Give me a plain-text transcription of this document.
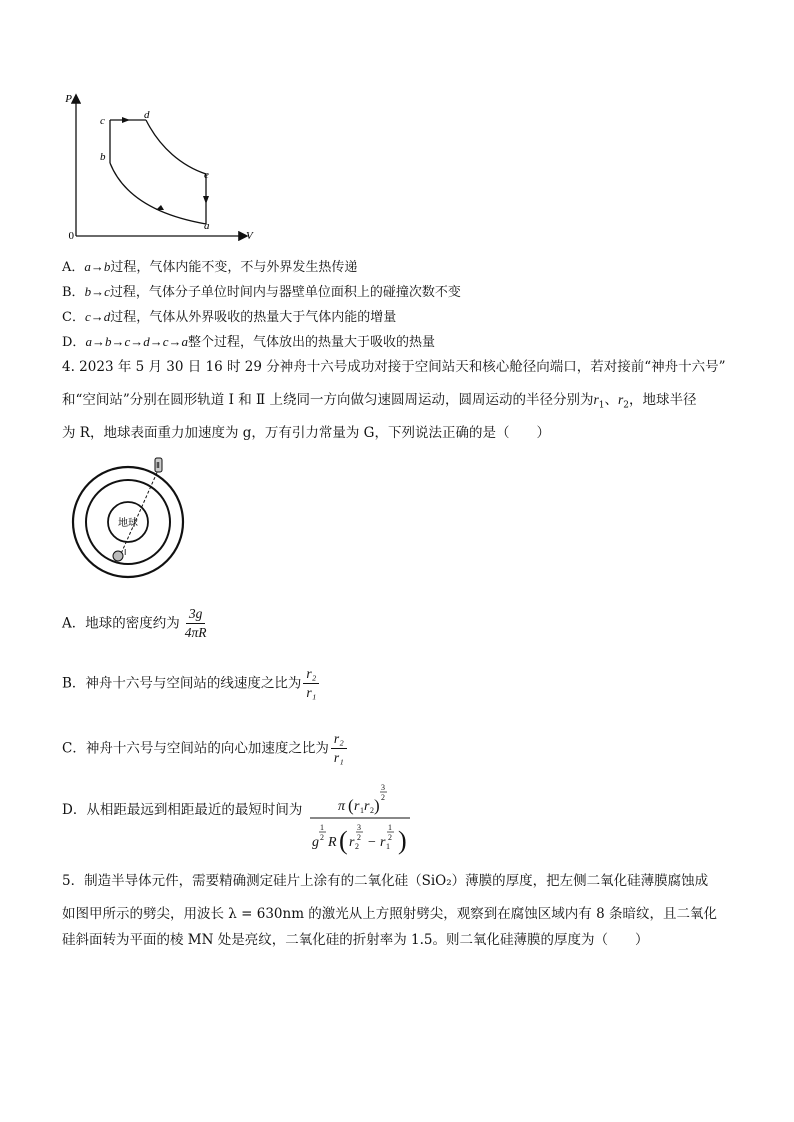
P
V
0
c	d
b
e
a
A．a→b过程，气体内能不变，不与外界发生热传递
B．b→c过程，气体分子单位时间内与器壁单位面积上的碰撞次数不变
C．c→d过程，气体从外界吸收的热量大于气体内能的增量
D．a→b→c→d→c→a整个过程，气体放出的热量大于吸收的热量
4. 2023 年 5 月 30 日 16 时 29 分神舟十六号成功对接于空间站天和核心舱径向端口，若对接前“神舟十六号”
和“空间站”分别在圆形轨道 Ⅰ 和 Ⅱ 上绕同一方向做匀速圆周运动，圆周运动的半径分别为$r_1$、$r_2$，地球半径
为 R，地球表面重力加速度为 g，万有引力常量为 G，下列说法正确的是（　　）
地球
Ⅱ
Ⅰ
A．地球的密度约为 $\frac{3g}{4\pi R}$
B．神舟十六号与空间站的线速度之比为 $\frac{\text{r₂}}{\text{r₁}}$
C．神舟十六号与空间站的向心加速度之比为 $\frac{\text{r₂}}{\text{r₁}}$
D．从相距最远到相距最近的最短时间为	π ( r 1 r 2 )
3
2
g
1
2 R ( r 2
3
2 − r 1
1
2 )
5．制造半导体元件，需要精确测定硅片上涂有的二氧化硅（SiO₂）薄膜的厚度，把左侧二氧化硅薄膜腐蚀成
如图甲所示的劈尖，用波长 λ = 630nm 的激光从上方照射劈尖，观察到在腐蚀区域内有 8 条暗纹，且二氧化
硅斜面转为平面的棱 MN 处是亮纹，二氧化硅的折射率为 1.5。则二氧化硅薄膜的厚度为（　　）
